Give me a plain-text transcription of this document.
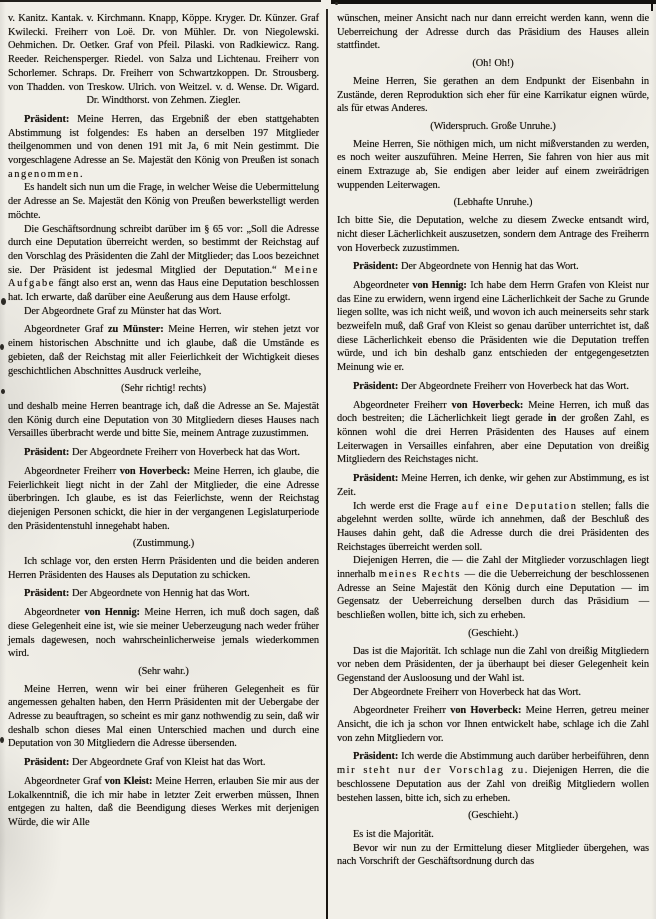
v. Kanitz. Kantak. v. Kirchmann. Knapp, Köppe. Kryger. Dr. Künzer. Graf Kwilecki. Freiherr von Loë. Dr. von Mühler. Dr. von Niegolewski. Oehmichen. Dr. Oetker. Graf von Pfeil. Pilaski. von Radkiewicz. Rang. Reeder. Reichensperger. Riedel. von Salza und Lichtenau. Freiherr von Schorlemer. Schraps. Dr. Freiherr von Schwartzkoppen. Dr. Strousberg. von Thadden. von Treskow. Ulrich. von Weitzel. v. d. Wense. Dr. Wigard. Dr. Windthorst. von Zehmen. Ziegler.

Präsident: Meine Herren, das Ergebniß der eben stattgehabten Abstimmung ist folgendes: Es haben an derselben 197 Mitglieder theilgenommen und von denen 191 mit Ja, 6 mit Nein gestimmt. Die vorgeschlagene Adresse an Se. Majestät den König von Preußen ist sonach angenommen.

Es handelt sich nun um die Frage, in welcher Weise die Uebermittelung der Adresse an Se. Majestät den König von Preußen bewerkstelligt werden möchte.

Die Geschäftsordnung schreibt darüber im § 65 vor: „Soll die Adresse durch eine Deputation überreicht werden, so bestimmt der Reichstag auf den Vorschlag des Präsidenten die Zahl der Mitglieder; das Loos bezeichnet sie. Der Präsident ist jedesmal Mitglied der Deputation.“ Meine Aufgabe fängt also erst an, wenn das Haus eine Deputation beschlossen hat. Ich erwarte, daß darüber eine Aeußerung aus dem Hause erfolgt.

Der Abgeordnete Graf zu Münster hat das Wort.

Abgeordneter Graf zu Münster: Meine Herren, wir stehen jetzt vor einem historischen Abschnitte und ich glaube, daß die Umstände es gebieten, daß der Reichstag mit aller Feierlichkeit der Wichtigkeit dieses geschichtlichen Abschnittes Ausdruck verleihe,

(Sehr richtig! rechts)

und deshalb meine Herren beantrage ich, daß die Adresse an Se. Majestät den König durch eine Deputation von 30 Mitgliedern dieses Hauses nach Versailles überbracht werde und bitte Sie, meinem Antrage zuzustimmen.

Präsident: Der Abgeordnete Freiherr von Hoverbeck hat das Wort.

Abgeordneter Freiherr von Hoverbeck: Meine Herren, ich glaube, die Feierlichkeit liegt nicht in der Zahl der Mitglieder, die eine Adresse überbringen. Ich glaube, es ist das Feierlichste, wenn der Reichstag diejenigen Personen schickt, die hier in der vergangenen Legislaturperiode den Präsidentenstuhl innegehabt haben.

(Zustimmung.)

Ich schlage vor, den ersten Herrn Präsidenten und die beiden anderen Herren Präsidenten des Hauses als Deputation zu schicken.

Präsident: Der Abgeordnete von Hennig hat das Wort.

Abgeordneter von Hennig: Meine Herren, ich muß doch sagen, daß diese Gelegenheit eine ist, wie sie meiner Ueberzeugung nach weder früher jemals dagewesen, noch wahrscheinlicherweise jemals wiederkommen wird.

(Sehr wahr.)

Meine Herren, wenn wir bei einer früheren Gelegenheit es für angemessen gehalten haben, den Herrn Präsidenten mit der Uebergabe der Adresse zu beauftragen, so scheint es mir ganz nothwendig zu sein, daß wir deshalb schon dieses Mal einen Unterschied machen und durch eine Deputation von 30 Mitgliedern die Adresse übersenden.

Präsident: Der Abgeordnete Graf von Kleist hat das Wort.

Abgeordneter Graf von Kleist: Meine Herren, erlauben Sie mir aus der Lokalkenntniß, die ich mir habe in letzter Zeit erwerben müssen, Ihnen entgegen zu halten, daß die Beendigung dieses Werkes mit derjenigen Würde, die wir Alle

wünschen, meiner Ansicht nach nur dann erreicht werden kann, wenn die Ueberreichung der Adresse durch das Präsidium des Hauses allein stattfindet.

(Oh! Oh!)

Meine Herren, Sie gerathen an dem Endpunkt der Eisenbahn in Zustände, deren Reproduktion sich eher für eine Karrikatur eignen würde, als für etwas Anderes.

(Widerspruch. Große Unruhe.)

Meine Herren, Sie nöthigen mich, um nicht mißverstanden zu werden, es noch weiter auszuführen. Meine Herren, Sie fahren von hier aus mit einem Extrazuge ab, Sie endigen aber leider auf einem zweirädrigen wuppenden Leiterwagen.

(Lebhafte Unruhe.)

Ich bitte Sie, die Deputation, welche zu diesem Zwecke entsandt wird, nicht dieser Lächerlichkeit auszusetzen, sondern dem Antrage des Freiherrn von Hoverbeck zuzustimmen.

Präsident: Der Abgeordnete von Hennig hat das Wort.

Abgeordneter von Hennig: Ich habe dem Herrn Grafen von Kleist nur das Eine zu erwidern, wenn irgend eine Lächerlichkeit der Sache zu Grunde liegen sollte, was ich nicht weiß, und wovon ich auch meinerseits sehr stark bezweifeln muß, daß Graf von Kleist so genau darüber unterrichtet ist, daß diese Lächerlichkeit ebenso die Präsidenten wie die Deputation treffen würde, und ich bin deshalb ganz entschieden der entgegengesetzten Meinung wie er.

Präsident: Der Abgeordnete Freiherr von Hoverbeck hat das Wort.

Abgeordneter Freiherr von Hoverbeck: Meine Herren, ich muß das doch bestreiten; die Lächerlichkeit liegt gerade in der großen Zahl, es können wohl die drei Herren Präsidenten des Hauses auf einem Leiterwagen in Versailles einfahren, aber eine Deputation von dreißig Mitgliedern des Reichstages nicht.

Präsident: Meine Herren, ich denke, wir gehen zur Abstimmung, es ist Zeit.

Ich werde erst die Frage auf eine Deputation stellen; falls die abgelehnt werden sollte, würde ich annehmen, daß der Beschluß des Hauses dahin geht, daß die Adresse durch die drei Präsidenten des Reichstages überreicht werden soll.

Diejenigen Herren, die — die Zahl der Mitglieder vorzuschlagen liegt innerhalb meines Rechts — die die Ueberreichung der beschlossenen Adresse an Seine Majestät den König durch eine Deputation — im Gegensatz der Ueberreichung derselben durch das Präsidium — beschließen wollen, bitte ich, sich zu erheben.

(Geschieht.)

Das ist die Majorität. Ich schlage nun die Zahl von dreißig Mitgliedern vor neben dem Präsidenten, der ja überhaupt bei dieser Gelegenheit kein Gegenstand der Ausloosung und der Wahl ist.

Der Abgeordnete Freiherr von Hoverbeck hat das Wort.

Abgeordneter Freiherr von Hoverbeck: Meine Herren, getreu meiner Ansicht, die ich ja schon vor Ihnen entwickelt habe, schlage ich die Zahl von zehn Mitgliedern vor.

Präsident: Ich werde die Abstimmung auch darüber herbeiführen, denn mir steht nur der Vorschlag zu. Diejenigen Herren, die die beschlossene Deputation aus der Zahl von dreißig Mitgliedern wollen bestehen lassen, bitte ich, sich zu erheben.

(Geschieht.)

Es ist die Majorität.

Bevor wir nun zu der Ermittelung dieser Mitglieder übergehen, was nach Vorschrift der Geschäftsordnung durch das
